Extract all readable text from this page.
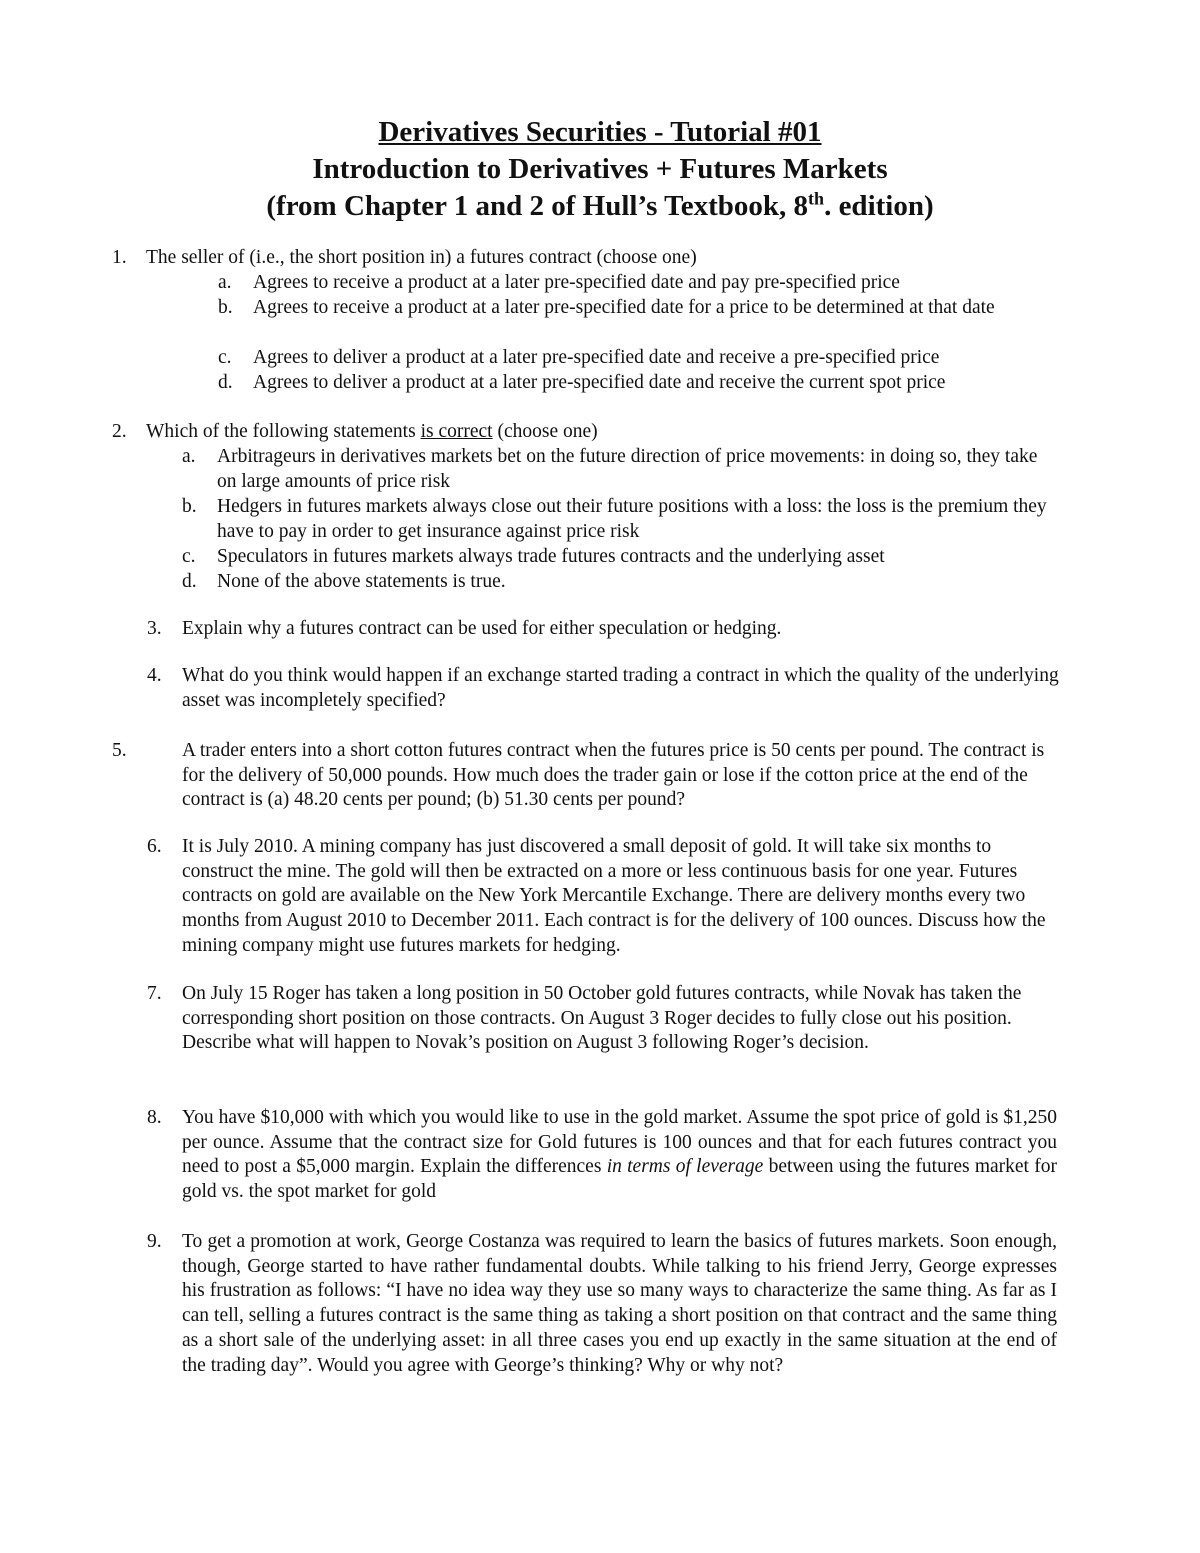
Derivatives Securities - Tutorial #01
Introduction to Derivatives + Futures Markets
(from Chapter 1 and 2 of Hull’s Textbook, 8th. edition)
1. The seller of (i.e., the short position in) a futures contract (choose one)
a. Agrees to receive a product at a later pre-specified date and pay pre-specified price
b. Agrees to receive a product at a later pre-specified date for a price to be determined at that date
c. Agrees to deliver a product at a later pre-specified date and receive a pre-specified price
d. Agrees to deliver a product at a later pre-specified date and receive the current spot price
2. Which of the following statements is correct (choose one)
a. Arbitrageurs in derivatives markets bet on the future direction of price movements: in doing so, they take on large amounts of price risk
b. Hedgers in futures markets always close out their future positions with a loss: the loss is the premium they have to pay in order to get insurance against price risk
c. Speculators in futures markets always trade futures contracts and the underlying asset
d. None of the above statements is true.
3. Explain why a futures contract can be used for either speculation or hedging.
4. What do you think would happen if an exchange started trading a contract in which the quality of the underlying asset was incompletely specified?
5.	A trader enters into a short cotton futures contract when the futures price is 50 cents per pound. The contract is for the delivery of 50,000 pounds. How much does the trader gain or lose if the cotton price at the end of the contract is (a) 48.20 cents per pound; (b) 51.30 cents per pound?
6. It is July 2010. A mining company has just discovered a small deposit of gold. It will take six months to construct the mine. The gold will then be extracted on a more or less continuous basis for one year. Futures contracts on gold are available on the New York Mercantile Exchange. There are delivery months every two months from August 2010 to December 2011. Each contract is for the delivery of 100 ounces. Discuss how the mining company might use futures markets for hedging.
7. On July 15 Roger has taken a long position in 50 October gold futures contracts, while Novak has taken the corresponding short position on those contracts. On August 3 Roger decides to fully close out his position. Describe what will happen to Novak’s position on August 3 following Roger’s decision.
8. You have $10,000 with which you would like to use in the gold market. Assume the spot price of gold is $1,250 per ounce. Assume that the contract size for Gold futures is 100 ounces and that for each futures contract you need to post a $5,000 margin. Explain the differences in terms of leverage between using the futures market for gold vs. the spot market for gold
9. To get a promotion at work, George Costanza was required to learn the basics of futures markets. Soon enough, though, George started to have rather fundamental doubts. While talking to his friend Jerry, George expresses his frustration as follows: “I have no idea way they use so many ways to characterize the same thing. As far as I can tell, selling a futures contract is the same thing as taking a short position on that contract and the same thing as a short sale of the underlying asset: in all three cases you end up exactly in the same situation at the end of the trading day”. Would you agree with George’s thinking? Why or why not?
